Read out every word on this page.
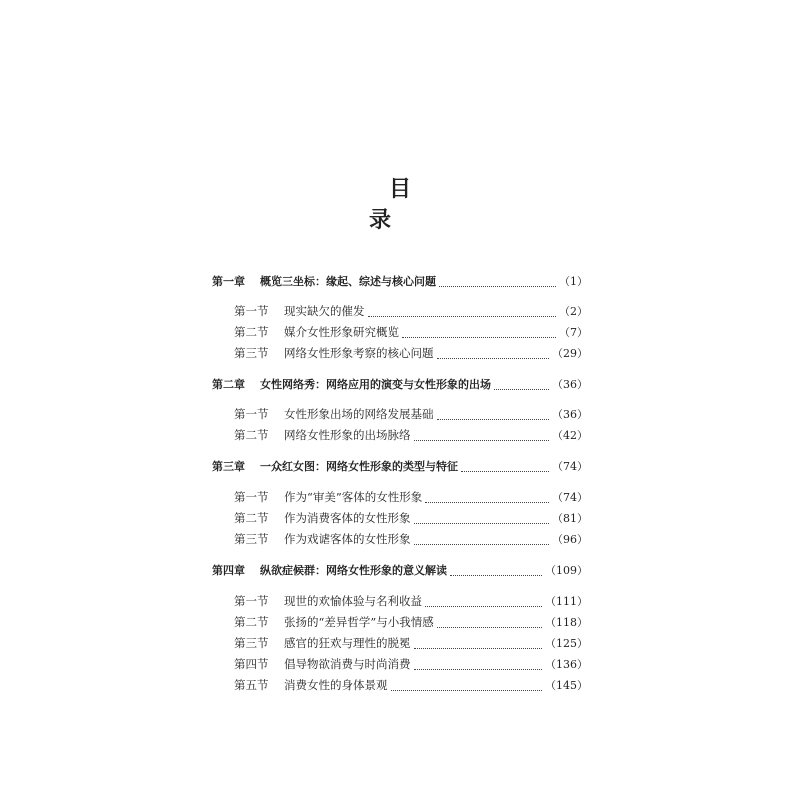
目 录
第一章	概览三坐标：缘起、综述与核心问题	（1）
第一节	现实缺欠的催发	（2）
第二节	媒介女性形象研究概览	（7）
第三节	网络女性形象考察的核心问题	（29）
第二章	女性网络秀：网络应用的演变与女性形象的出场	（36）
第一节	女性形象出场的网络发展基础	（36）
第二节	网络女性形象的出场脉络	（42）
第三章	一众红女图：网络女性形象的类型与特征	（74）
第一节	作为“审美”客体的女性形象	（74）
第二节	作为消费客体的女性形象	（81）
第三节	作为戏谑客体的女性形象	（96）
第四章	纵欲症候群：网络女性形象的意义解读	（109）
第一节	现世的欢愉体验与名利收益	（111）
第二节	张扬的“差异哲学”与小我情感	（118）
第三节	感官的狂欢与理性的脱冕	（125）
第四节	倡导物欲消费与时尚消费	（136）
第五节	消费女性的身体景观	（145）
